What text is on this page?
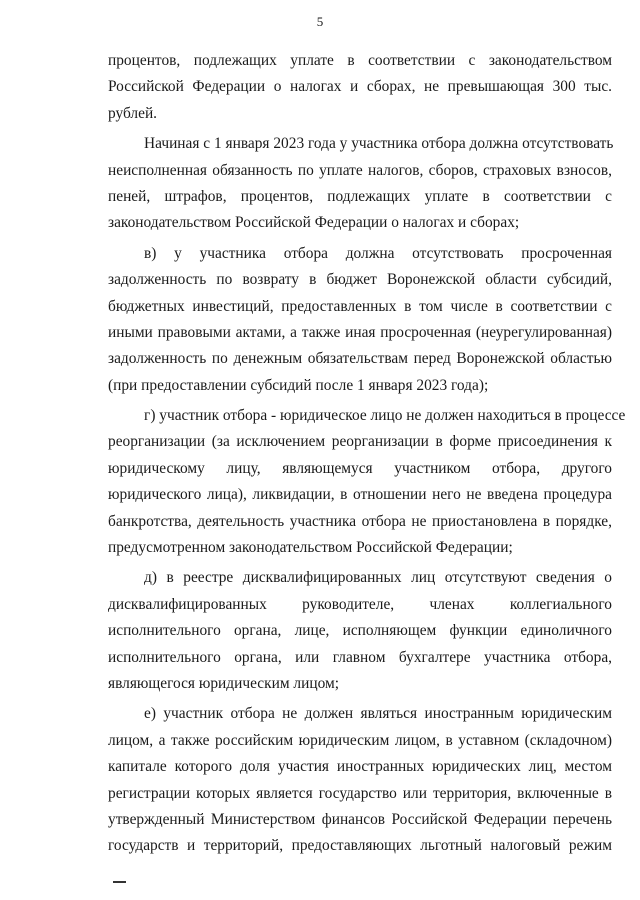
5
процентов, подлежащих уплате в соответствии с законодательством
Российской Федерации о налогах и сборах, не превышающая 300 тыс.
рублей.
Начиная с 1 января 2023 года у участника отбора должна отсутствовать
неисполненная обязанность по уплате налогов, сборов, страховых взносов,
пеней, штрафов, процентов, подлежащих уплате в соответствии с
законодательством Российской Федерации о налогах и сборах;
в) у участника отбора должна отсутствовать просроченная
задолженность по возврату в бюджет Воронежской области субсидий,
бюджетных инвестиций, предоставленных в том числе в соответствии с
иными правовыми актами, а также иная просроченная (неурегулированная)
задолженность по денежным обязательствам перед Воронежской областью
(при предоставлении субсидий после 1 января 2023 года);
г) участник отбора - юридическое лицо не должен находиться в процессе
реорганизации (за исключением реорганизации в форме присоединения к
юридическому лицу, являющемуся участником отбора, другого
юридического лица), ликвидации, в отношении него не введена процедура
банкротства, деятельность участника отбора не приостановлена в порядке,
предусмотренном законодательством Российской Федерации;
д) в реестре дисквалифицированных лиц отсутствуют сведения о
дисквалифицированных руководителе, членах коллегиального
исполнительного органа, лице, исполняющем функции единоличного
исполнительного органа, или главном бухгалтере участника отбора,
являющегося юридическим лицом;
е) участник отбора не должен являться иностранным юридическим
лицом, а также российским юридическим лицом, в уставном (складочном)
капитале которого доля участия иностранных юридических лиц, местом
регистрации которых является государство или территория, включенные в
утвержденный Министерством финансов Российской Федерации перечень
государств и территорий, предоставляющих льготный налоговый режим
